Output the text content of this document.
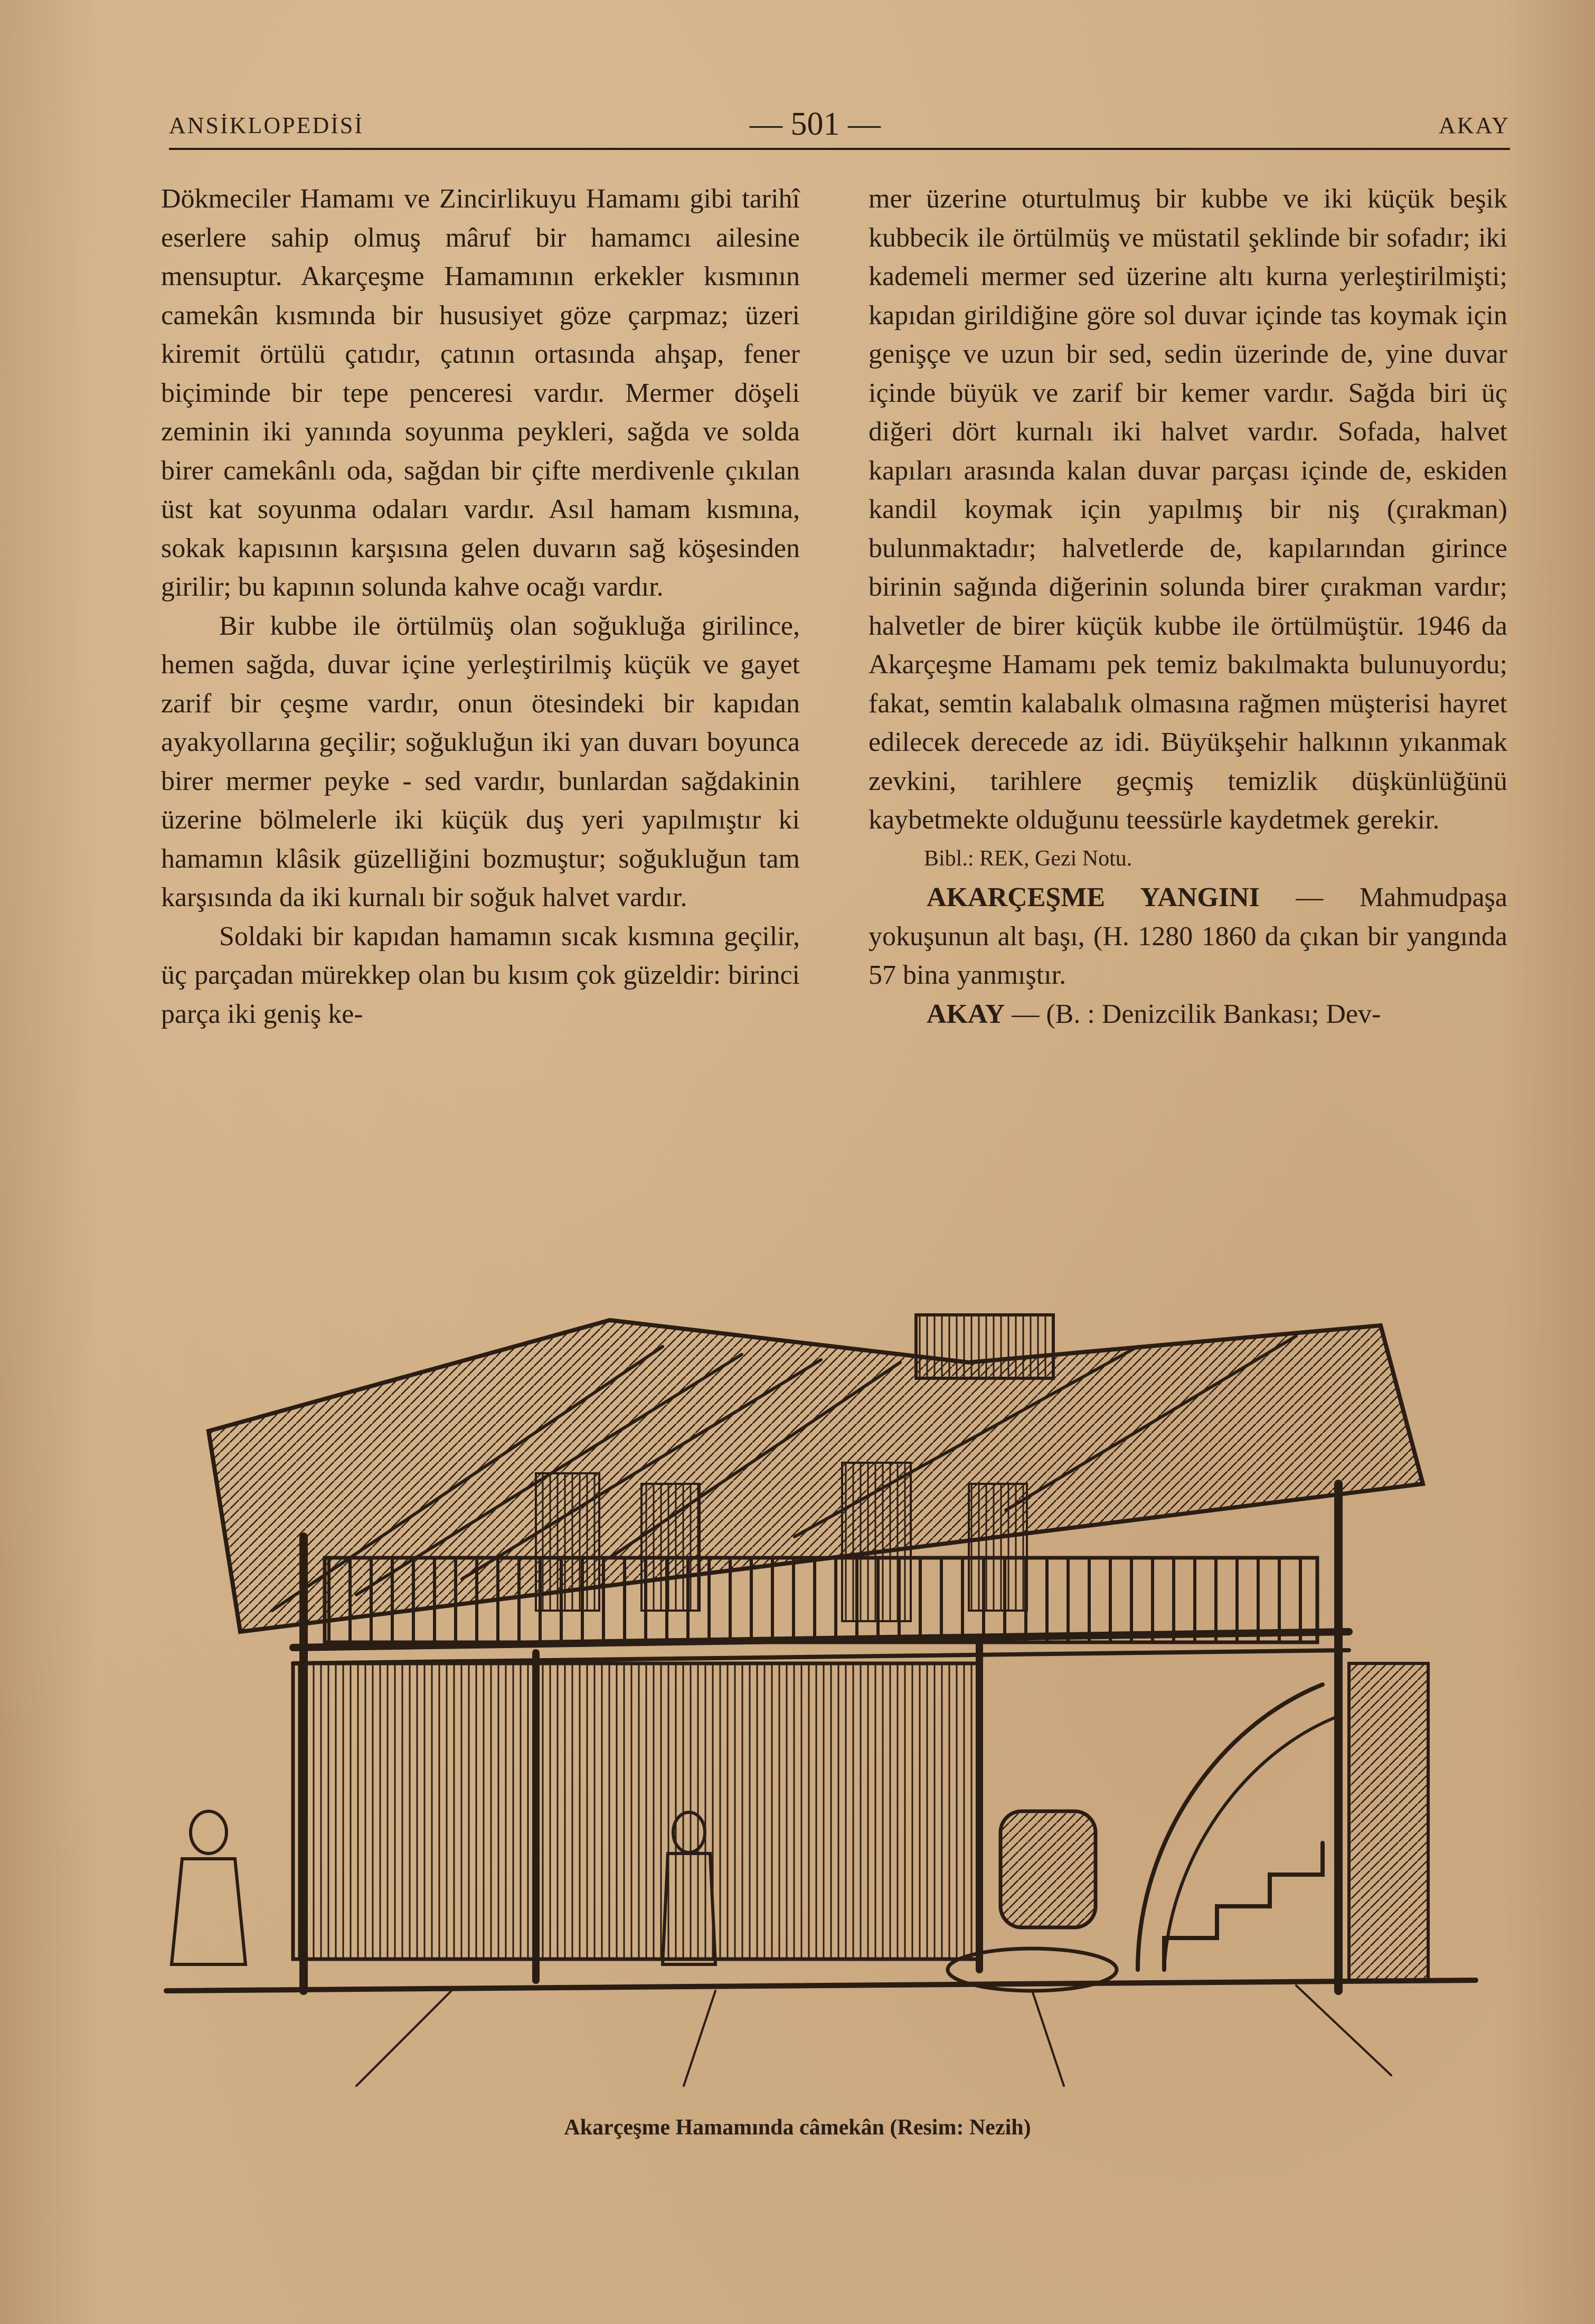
ANSİKLOPEDİSİ	— 501 —	AKAY

Dökmeciler Hamamı ve Zincirlikuyu Hamamı gibi tarihî eserlere sahip olmuş mâruf bir hamamcı ailesine mensuptur. Akarçeşme Hamamının erkekler kısmının camekân kısmında bir hususiyet göze çarpmaz; üzeri kiremit örtülü çatıdır, çatının ortasında ahşap, fener biçiminde bir tepe penceresi vardır. Mermer döşeli zeminin iki yanında soyunma peykleri, sağda ve solda birer camekânlı oda, sağdan bir çifte merdivenle çıkılan üst kat soyunma odaları vardır. Asıl hamam kısmına, sokak kapısının karşısına gelen duvarın sağ köşesinden girilir; bu kapının solunda kahve ocağı vardır.

Bir kubbe ile örtülmüş olan soğukluğa girilince, hemen sağda, duvar içine yerleştirilmiş küçük ve gayet zarif bir çeşme vardır, onun ötesindeki bir kapıdan ayakyollarına geçilir; soğukluğun iki yan duvarı boyunca birer mermer peyke - sed vardır, bunlardan sağdakinin üzerine bölmelerle iki küçük duş yeri yapılmıştır ki hamamın klâsik güzelliğini bozmuştur; soğukluğun tam karşısında da iki kurnalı bir soğuk halvet vardır.

Soldaki bir kapıdan hamamın sıcak kısmına geçilir, üç parçadan mürekkep olan bu kısım çok güzeldir: birinci parça iki geniş ke-

mer üzerine oturtulmuş bir kubbe ve iki küçük beşik kubbecik ile örtülmüş ve müstatil şeklinde bir sofadır; iki kademeli mermer sed üzerine altı kurna yerleştirilmişti; kapıdan girildiğine göre sol duvar içinde tas koymak için genişçe ve uzun bir sed, sedin üzerinde de, yine duvar içinde büyük ve zarif bir kemer vardır. Sağda biri üç diğeri dört kurnalı iki halvet vardır. Sofada, halvet kapıları arasında kalan duvar parçası içinde de, eskiden kandil koymak için yapılmış bir niş (çırakman) bulunmaktadır; halvetlerde de, kapılarından girince birinin sağında diğerinin solunda birer çırakman vardır; halvetler de birer küçük kubbe ile örtülmüştür. 1946 da Akarçeşme Hamamı pek temiz bakılmakta bulunuyordu; fakat, semtin kalabalık olmasına rağmen müşterisi hayret edilecek derecede az idi. Büyükşehir halkının yıkanmak zevkini, tarihlere geçmiş temizlik düşkünlüğünü kaybetmekte olduğunu teessürle kaydetmek gerekir.

Bibl.: REK, Gezi Notu.

AKARÇEŞME YANGINI — Mahmudpaşa yokuşunun alt başı, (H. 1280 1860 da çıkan bir yangında 57 bina yanmıştır.

AKAY — (B. : Denizcilik Bankası; Dev-

Akarçeşme Hamamında câmekân (Resim: Nezih)
